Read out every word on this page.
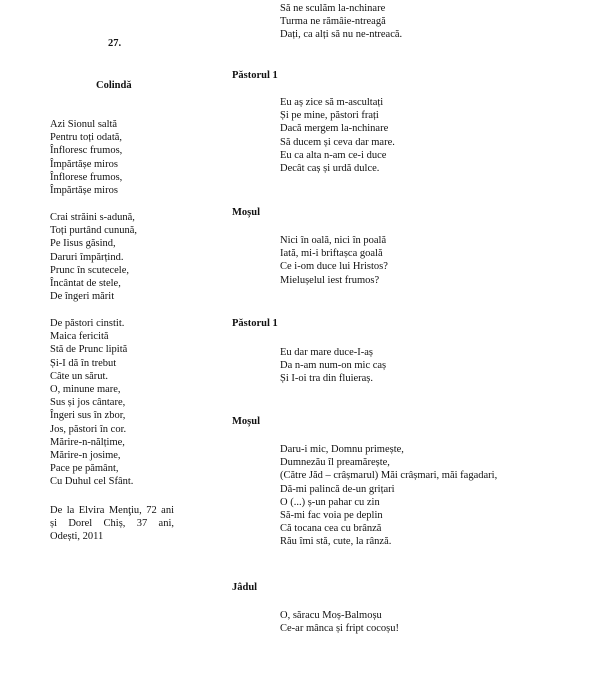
27.
Colindă
Azi Sionul saltă
Pentru toți odată,
Înfloresc frumos,
Împărtășe miros
Înflorese frumos,
Împărtășe miros
Crai străini s-adună,
Toți purtând cunună,
Pe Iisus găsind,
Daruri împărțind.
Prunc în scutecele,
Încântat de stele,
De îngeri mărit
De păstori cinstit.
Maica fericită
Stă de Prunc lipită
Și-I dă în trebut
Câte un sărut.
O, minune mare,
Sus și jos cântare,
Îngeri sus în zbor,
Jos, păstori în cor.
Mărire-n-nălțime,
Mărire-n josime,
Pace pe pământ,
Cu Duhul cel Sfânt.
De la Elvira Menţiu, 72 ani
și Dorel Chiș, 37 ani,
Odești, 2011
Să ne sculăm la-nchinare
Turma ne rămâie-ntreagă
Dați, ca alți să nu ne-ntreacă.
Păstorul 1
Eu aș zice să m-ascultați
Și pe mine, păstori frați
Dacă mergem la-nchinare
Să ducem și ceva dar mare.
Eu ca alta n-am ce-i duce
Decât caș și urdă dulce.
Moșul
Nici în oală, nici în poală
Iată, mi-i briftașca goală
Ce i-om duce lui Hristos?
Mielușelul iest frumos?
Păstorul 1
Eu dar mare duce-I-aș
Da n-am num-on mic caș
Și I-oi tra din fluieraș.
Moșul
Daru-i mic, Domnu primește,
Dumnezău îl preamărește,
(Către Jăd – crâșmarul) Măi crâșmari, măi fagadari,
Dă-mi palincă de-un grițari
O (...) ș-un pahar cu zin
Să-mi fac voia pe deplin
Că tocana cea cu brânză
Rău îmi stă, cute, la rânză.
Jâdul
O, săracu Moș-Balmoșu
Ce-ar mânca și fript cocoșu!
